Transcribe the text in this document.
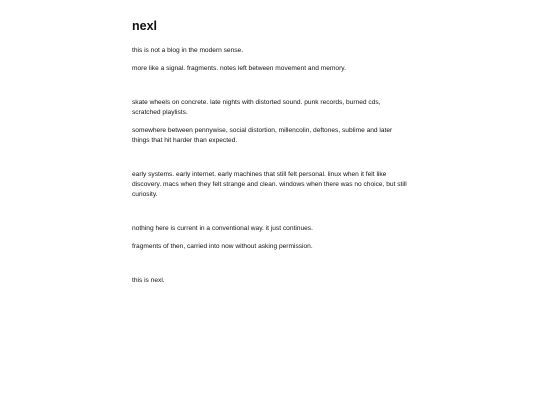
nexl

this is not a blog in the modern sense.

more like a signal. fragments. notes left between movement and memory.

skate wheels on concrete. late nights with distorted sound. punk records, burned cds, scratched playlists.

somewhere between pennywise, social distortion, millencolin, deftones, sublime and later things that hit harder than expected.

early systems. early internet. early machines that still felt personal. linux when it felt like discovery. macs when they felt strange and clean. windows when there was no choice, but still curiosity.

nothing here is current in a conventional way. it just continues.

fragments of then, carried into now without asking permission.

this is nexl.
